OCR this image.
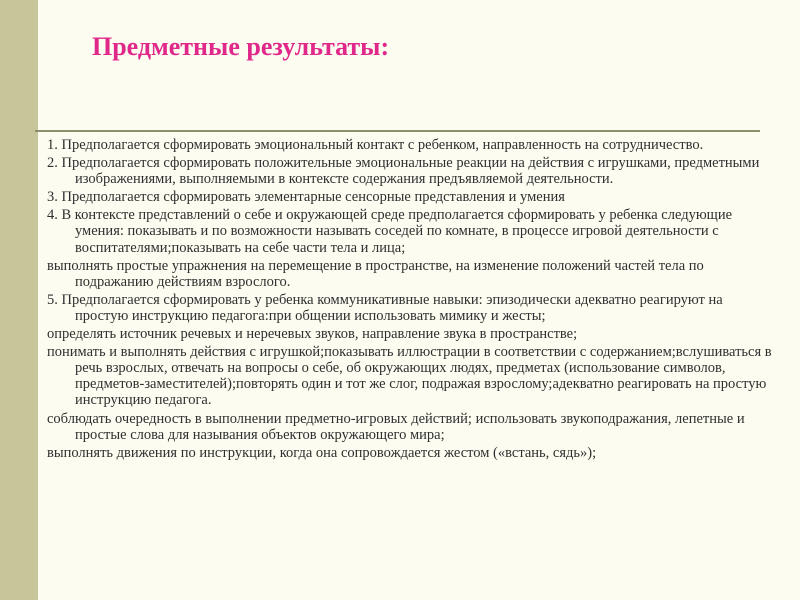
Предметные результаты:

1. Предполагается сформировать эмоциональный контакт с ребенком, направленность на сотрудничество.

2. Предполагается сформировать положительные эмоциональные реакции на действия с игрушками, предметными изображениями, выполняемыми в контексте содержания предъявляемой деятельности.

3. Предполагается сформировать элементарные сенсорные представления и умения

4. В контексте представлений о себе и окружающей среде предполагается сформировать у ребенка следующие умения: показывать и по возможности называть соседей по комнате, в процессе игровой деятельности с воспитателями;показывать на себе части тела и лица;

выполнять простые упражнения на перемещение в пространстве, на изменение положений частей тела по подражанию действиям взрослого.

5. Предполагается сформировать у ребенка коммуникативные навыки: эпизодически адекватно реагируют на простую инструкцию педагога:при общении использовать мимику и жесты;

определять источник речевых и неречевых звуков, направление звука в пространстве;

понимать и выполнять действия с игрушкой;показывать иллюстрации в соответствии с содержанием;вслушиваться в речь взрослых, отвечать на вопросы о себе, об окружающих людях, предметах (использование символов, предметов-заместителей);повторять один и тот же слог, подражая взрослому;адекватно реагировать на простую инструкцию педагога.

соблюдать очередность в выполнении предметно-игровых действий; использовать звукоподражания, лепетные и простые слова для называния объектов окружающего мира;

выполнять движения по инструкции, когда она сопровождается жестом («встань, сядь»);
